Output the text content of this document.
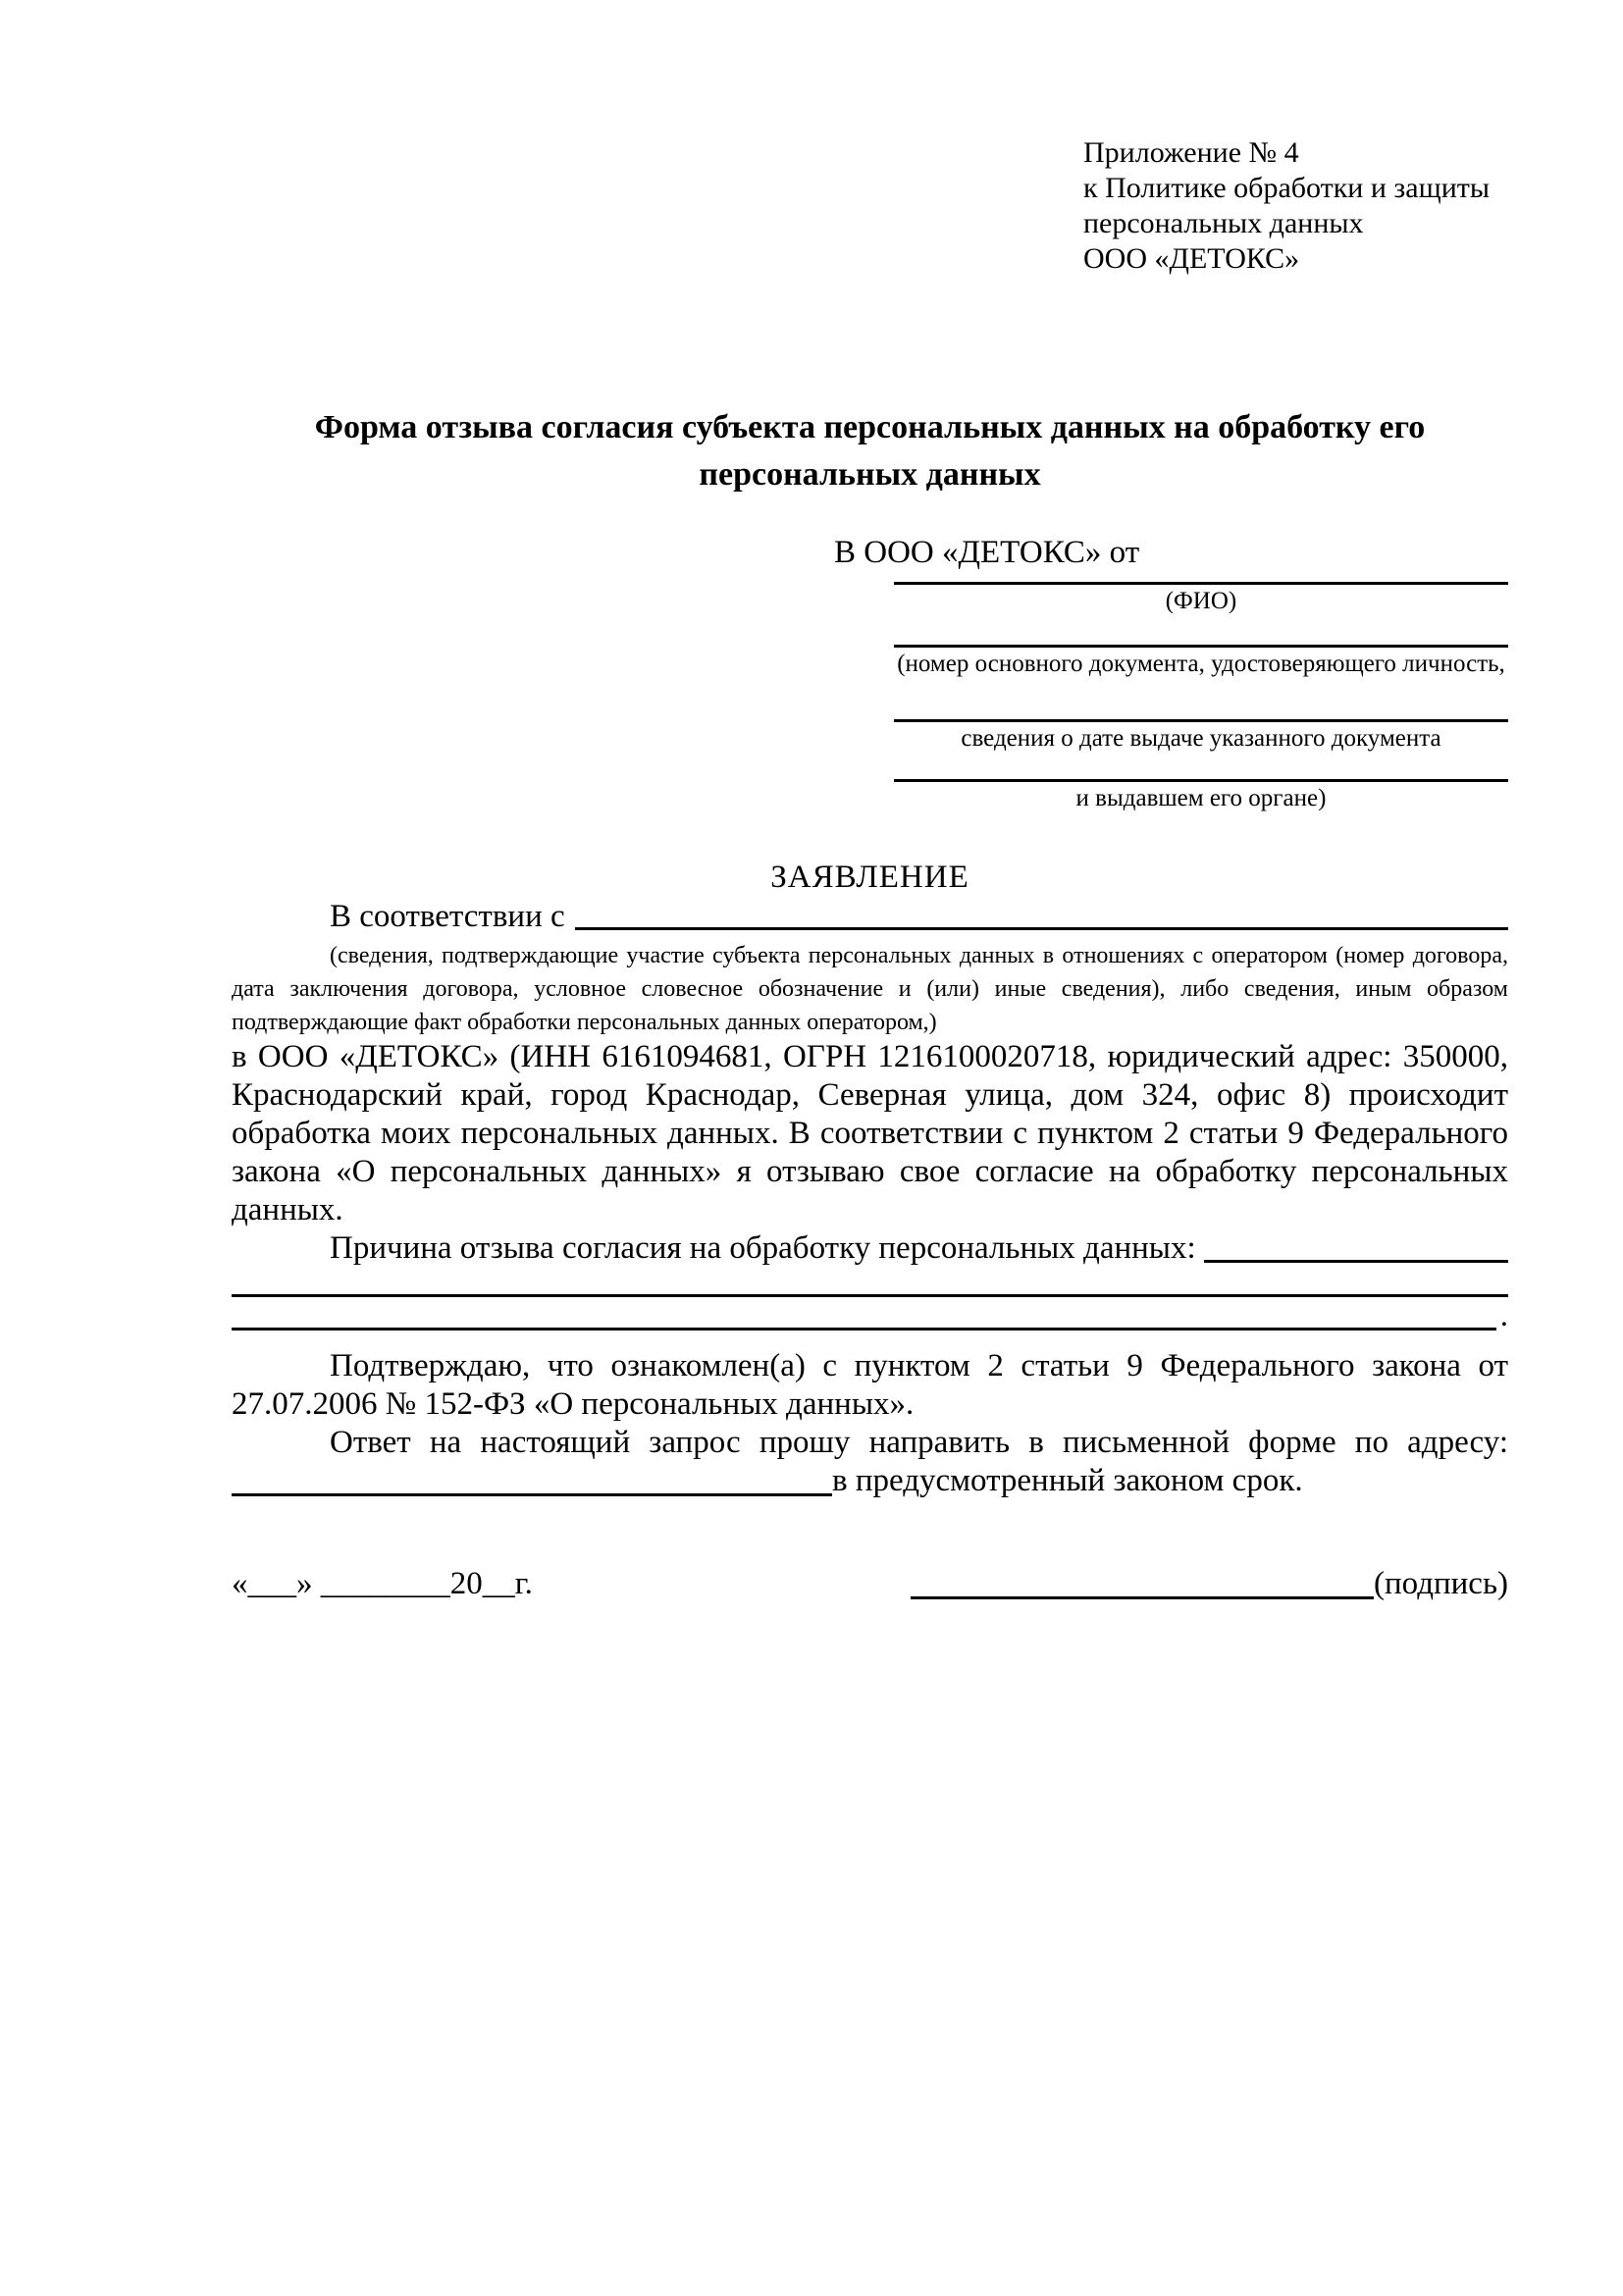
Приложение № 4
к Политике обработки и защиты
персональных данных
ООО «ДЕТОКС»
Форма отзыва согласия субъекта персональных данных на обработку его персональных данных
В ООО «ДЕТОКС» от
(ФИО)
(номер основного документа, удостоверяющего личность,
сведения о дате выдаче указанного документа
и выдавшем его органе)
ЗАЯВЛЕНИЕ
В соответствии с
(сведения, подтверждающие участие субъекта персональных данных в отношениях с оператором (номер договора, дата заключения договора, условное словесное обозначение и (или) иные сведения), либо сведения, иным образом подтверждающие факт обработки персональных данных оператором,)

в ООО «ДЕТОКС» (ИНН 6161094681, ОГРН 1216100020718, юридический адрес: 350000, Краснодарский край, город Краснодар, Северная улица, дом 324, офис 8) происходит обработка моих персональных данных. В соответствии с пунктом 2 статьи 9 Федерального закона «О персональных данных» я отзываю свое согласие на обработку персональных данных.

Причина отзыва согласия на обработку персональных данных:
.

Подтверждаю, что ознакомлен(а) с пунктом 2 статьи 9 Федерального закона от 27.07.2006 № 152-ФЗ «О персональных данных».

Ответ на настоящий запрос прошу направить в письменной форме по адресу:

в предусмотренный законом срок.
«___» ________20__г.	(подпись)
